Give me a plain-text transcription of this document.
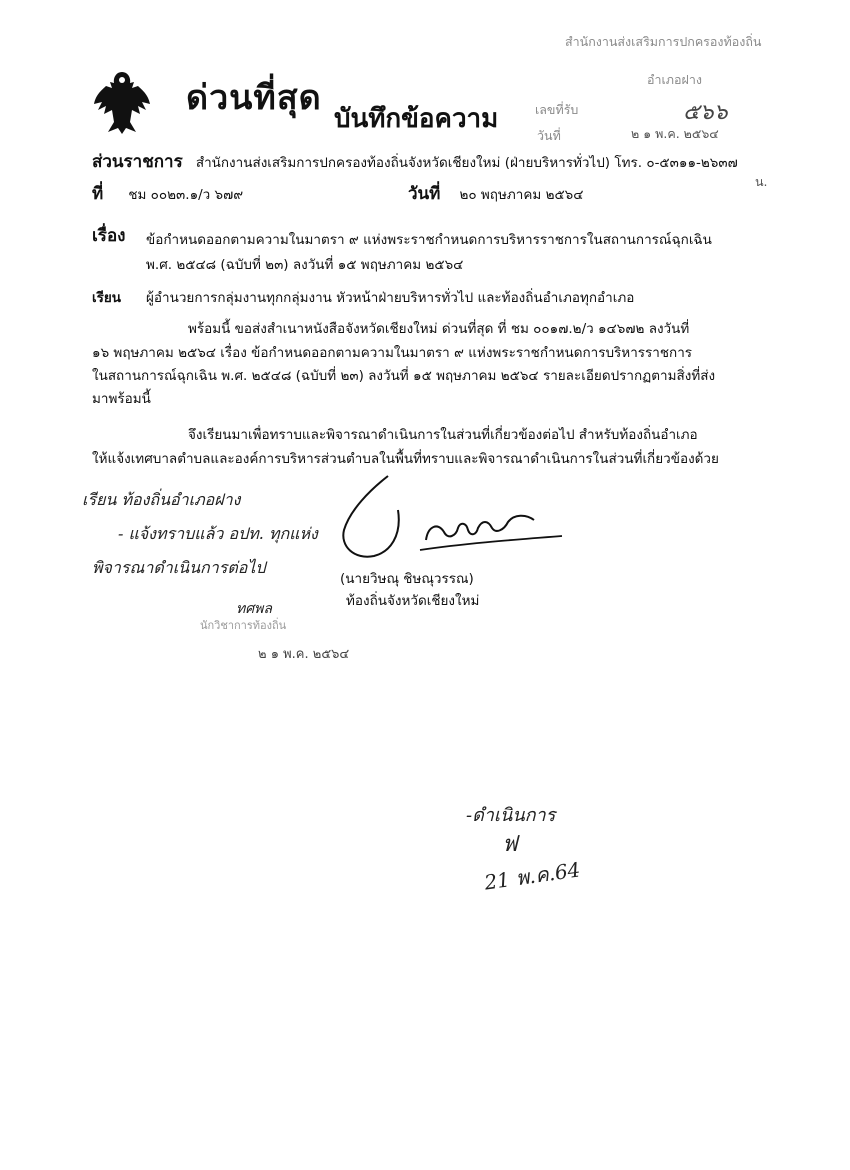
ด่วนที่สุด
บันทึกข้อความ
สำนักงานส่งเสริมการปกครองท้องถิ่น
อำเภอฝาง
เลขที่รับ	๕๖๖
วันที่	๒ ๑ พ.ค. ๒๕๖๔
น.
ส่วนราชการ สำนักงานส่งเสริมการปกครองท้องถิ่นจังหวัดเชียงใหม่ (ฝ่ายบริหารทั่วไป) โทร. ๐-๕๓๑๑-๒๖๓๗
ที่ ชม ๐๐๒๓.๑/ว ๖๗๙	วันที่ ๒๐ พฤษภาคม ๒๕๖๔
เรื่อง ข้อกำหนดออกตามความในมาตรา ๙ แห่งพระราชกำหนดการบริหารราชการในสถานการณ์ฉุกเฉิน
พ.ศ. ๒๕๔๘ (ฉบับที่ ๒๓) ลงวันที่ ๑๕ พฤษภาคม ๒๕๖๔
เรียน ผู้อำนวยการกลุ่มงานทุกกลุ่มงาน หัวหน้าฝ่ายบริหารทั่วไป และท้องถิ่นอำเภอทุกอำเภอ
พร้อมนี้ ขอส่งสำเนาหนังสือจังหวัดเชียงใหม่ ด่วนที่สุด ที่ ชม ๐๐๑๗.๒/ว ๑๔๖๗๒ ลงวันที่
๑๖ พฤษภาคม ๒๕๖๔ เรื่อง ข้อกำหนดออกตามความในมาตรา ๙ แห่งพระราชกำหนดการบริหารราชการ
ในสถานการณ์ฉุกเฉิน พ.ศ. ๒๕๔๘ (ฉบับที่ ๒๓) ลงวันที่ ๑๕ พฤษภาคม ๒๕๖๔ รายละเอียดปรากฏตามสิ่งที่ส่ง
มาพร้อมนี้
จึงเรียนมาเพื่อทราบและพิจารณาดำเนินการในส่วนที่เกี่ยวข้องต่อไป สำหรับท้องถิ่นอำเภอ
ให้แจ้งเทศบาลตำบลและองค์การบริหารส่วนตำบลในพื้นที่ทราบและพิจารณาดำเนินการในส่วนที่เกี่ยวข้องด้วย
เรียน ท้องถิ่นอำเภอฝาง
- แจ้งทราบแล้ว อปท. ทุกแห่ง
พิจารณาดำเนินการต่อไป
ทศพล
นักวิชาการท้องถิ่น
๒ ๑ พ.ค. ๒๕๖๔
(นายวิษณุ ชิษณุวรรณ)
ท้องถิ่นจังหวัดเชียงใหม่
-ดำเนินการ
ฟ
21 พ.ค.64
